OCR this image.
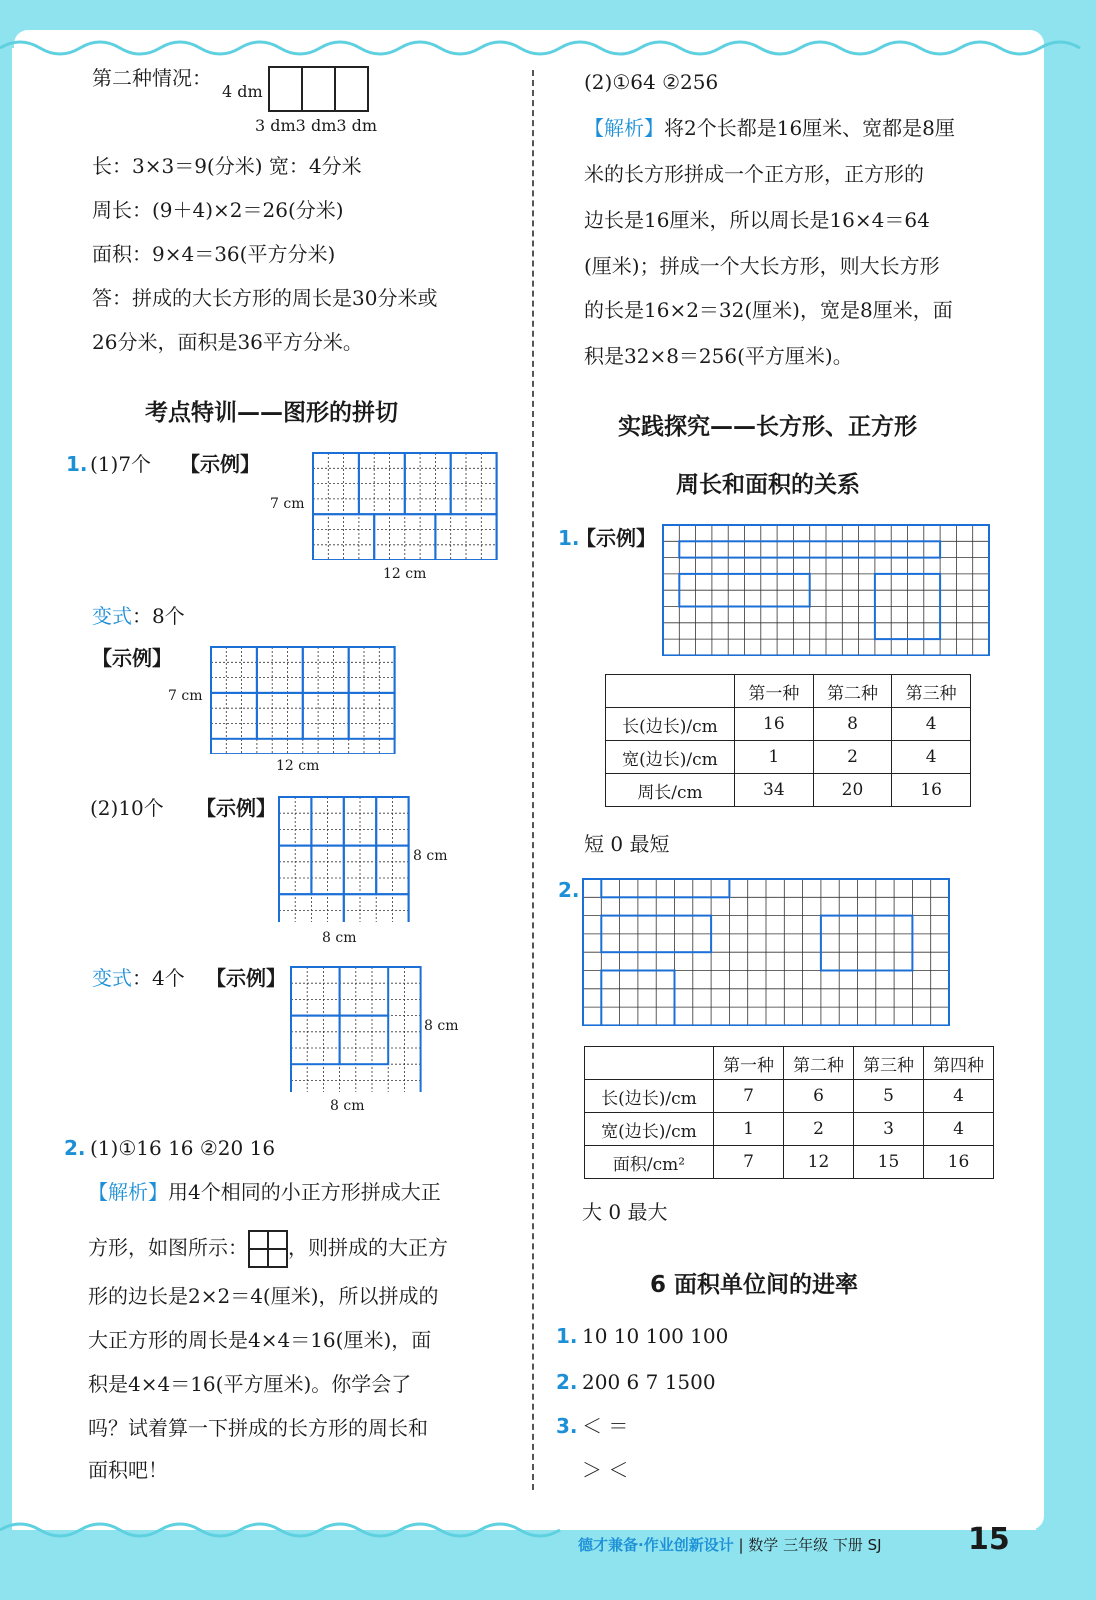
第二种情况：
4 dm
3 dm3 dm3 dm
长：3×3＝9(分米) 宽：4分米
周长：(9＋4)×2＝26(分米)
面积：9×4＝36(平方分米)
答：拼成的大长方形的周长是30分米或
26分米，面积是36平方分米。
考点特训——图形的拼切
1. (1)7个 【示例】
7 cm
12 cm
变式：8个
【示例】
7 cm
12 cm
(2)10个 【示例】
8 cm
8 cm
变式：4个 【示例】
8 cm
8 cm
2. (1)①16 16 ②20 16
【解析】用4个相同的小正方形拼成大正
方形，如图所示： ，则拼成的大正方
形的边长是2×2＝4(厘米)，所以拼成的
大正方形的周长是4×4＝16(厘米)，面
积是4×4＝16(平方厘米)。你学会了
吗？试着算一下拼成的长方形的周长和
面积吧！
(2)①64 ②256
【解析】将2个长都是16厘米、宽都是8厘
米的长方形拼成一个正方形，正方形的
边长是16厘米，所以周长是16×4＝64
(厘米)；拼成一个大长方形，则大长方形
的长是16×2＝32(厘米)，宽是8厘米，面
积是32×8＝256(平方厘米)。
实践探究——长方形、正方形
周长和面积的关系
1.
【示例】
	第一种	第二种	第三种
长(边长)/cm	16	8	4
宽(边长)/cm	1	2	4
周长/cm	34	20	16
短 0 最短
2.
	第一种	第二种	第三种	第四种
长(边长)/cm	7	6	5	4
宽(边长)/cm	1	2	3	4
面积/cm²	7	12	15	16
大 0 最大
6 面积单位间的进率
1. 10 10 100 100
2. 200 6 7 1500
3. ＜ ＝
＞ ＜
德才兼备·作业创新设计 | 数学 三年级 下册 SJ	15
